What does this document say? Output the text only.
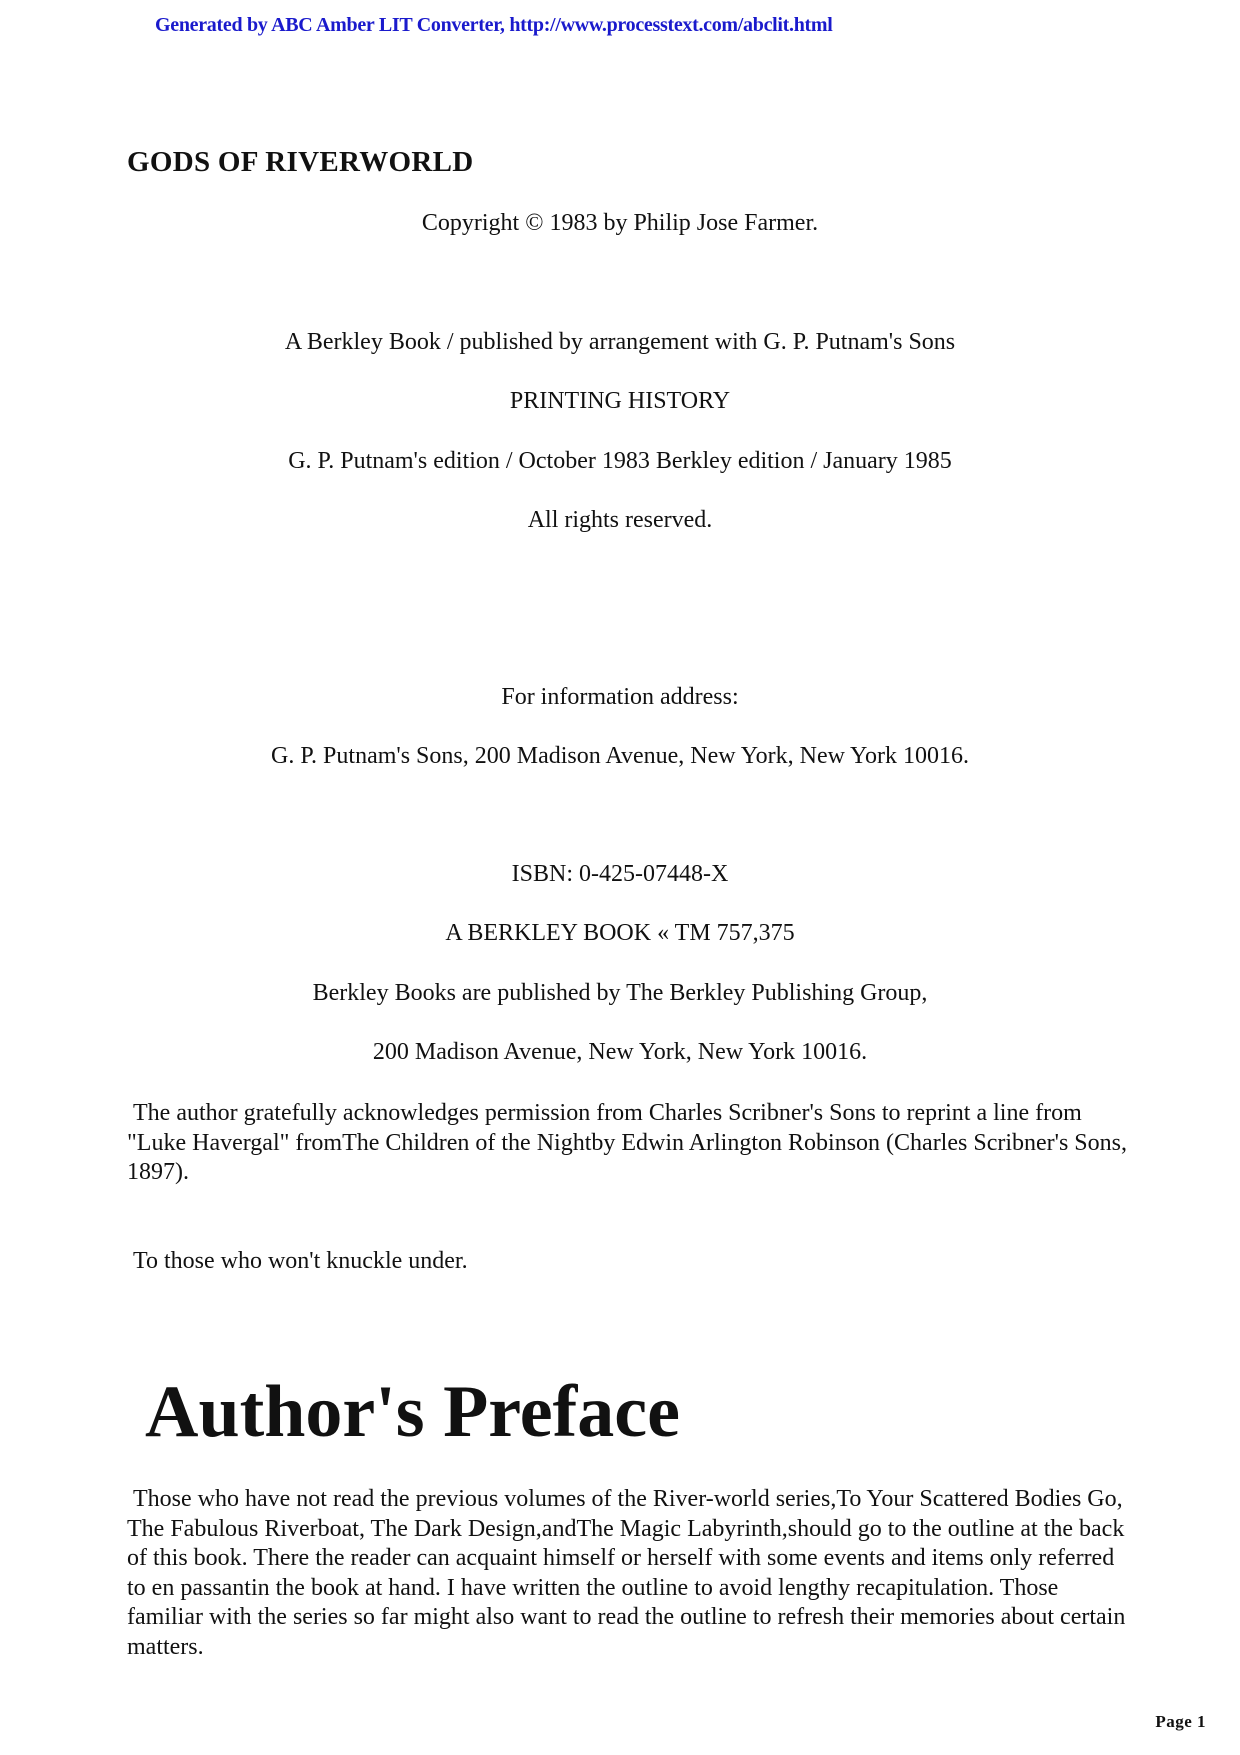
Generated by ABC Amber LIT Converter, http://www.processtext.com/abclit.html
GODS OF RIVERWORLD

Copyright © 1983 by Philip Jose Farmer.

A Berkley Book / published by arrangement with G. P. Putnam's Sons

PRINTING HISTORY

G. P. Putnam's edition / October 1983 Berkley edition / January 1985

All rights reserved.

For information address:

G. P. Putnam's Sons, 200 Madison Avenue, New York, New York 10016.

ISBN: 0-425-07448-X

A BERKLEY BOOK « TM 757,375

Berkley Books are published by The Berkley Publishing Group,

200 Madison Avenue, New York, New York 10016.

The author gratefully acknowledges permission from Charles Scribner's Sons to reprint a line from "Luke Havergal" fromThe Children of the Nightby Edwin Arlington Robinson (Charles Scribner's Sons, 1897).

To those who won't knuckle under.

Author's Preface

Those who have not read the previous volumes of the River-world series,To Your Scattered Bodies Go, The Fabulous Riverboat, The Dark Design,andThe Magic Labyrinth,should go to the outline at the back of this book. There the reader can acquaint himself or herself with some events and items only referred to en passantin the book at hand. I have written the outline to avoid lengthy recapitulation. Those familiar with the series so far might also want to read the outline to refresh their memories about certain matters.

Page 1
